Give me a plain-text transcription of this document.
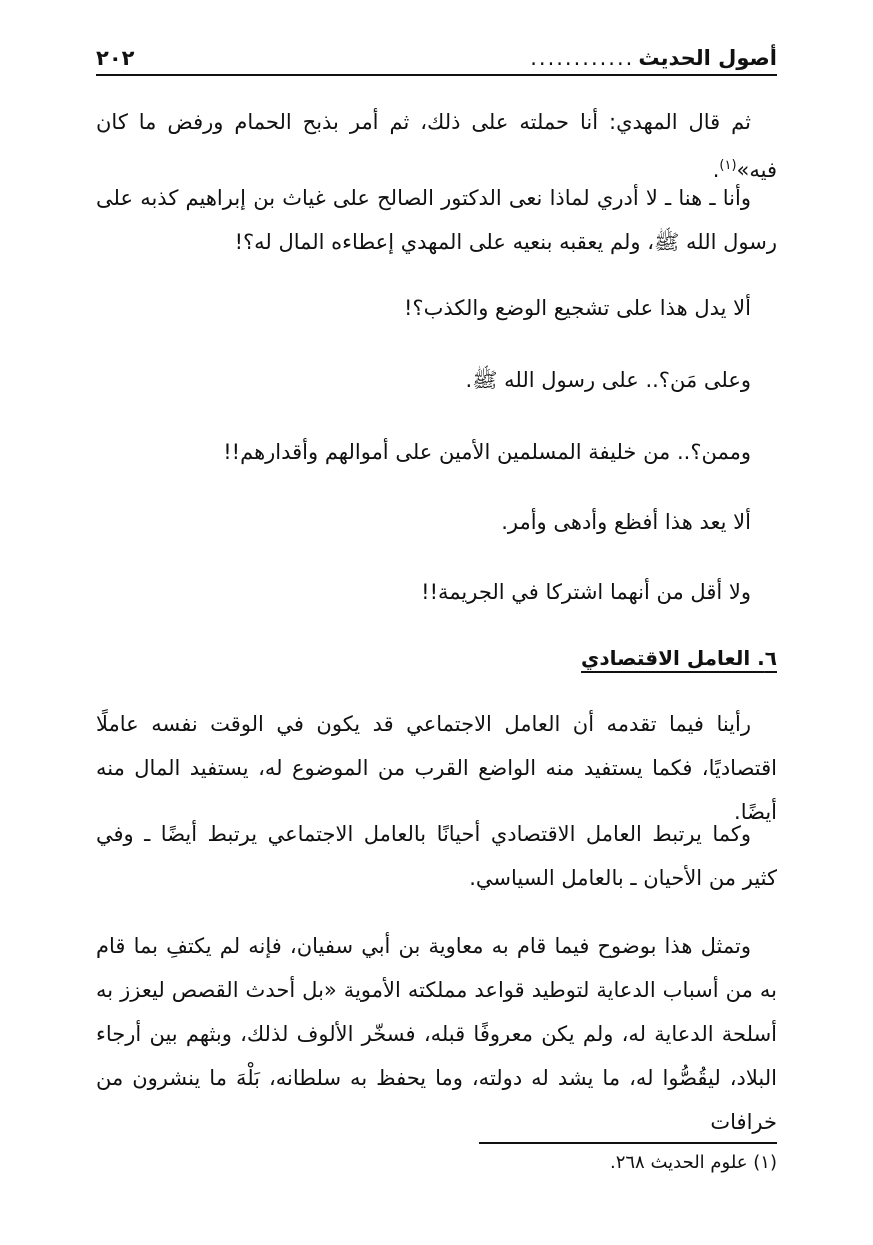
أصول الحديث
............
٢٠٢
ثم قال المهدي: أنا حملته على ذلك، ثم أمر بذبح الحمام ورفض ما كان فيه»$^{(١)}$.
وأنا ـ هنا ـ لا أدري لماذا نعى الدكتور الصالح على غياث بن إبراهيم كذبه على رسول الله ﷺ، ولم يعقبه بنعيه على المهدي إعطاءه المال له؟!
ألا يدل هذا على تشجيع الوضع والكذب؟!
وعلى مَن؟.. على رسول الله ﷺ.
وممن؟.. من خليفة المسلمين الأمين على أموالهم وأقدارهم!!
ألا يعد هذا أفظع وأدهى وأمر.
ولا أقل من أنهما اشتركا في الجريمة!!
٦. العامل الاقتصادي
رأينا فيما تقدمه أن العامل الاجتماعي قد يكون في الوقت نفسه عاملًا اقتصاديًا، فكما يستفيد منه الواضع القرب من الموضوع له، يستفيد المال منه أيضًا.
وكما يرتبط العامل الاقتصادي أحيانًا بالعامل الاجتماعي يرتبط أيضًا ـ وفي كثير من الأحيان ـ بالعامل السياسي.
وتمثل هذا بوضوح فيما قام به معاوية بن أبي سفيان، فإنه لم يكتفِ بما قام به من أسباب الدعاية لتوطيد قواعد مملكته الأموية «بل أحدث القصص ليعزز به أسلحة الدعاية له، ولم يكن معروفًا قبله، فسخّر الألوف لذلك، وبثهم بين أرجاء البلاد، ليقُصُّوا له، ما يشد له دولته، وما يحفظ به سلطانه، بَلْهَ ما ينشرون من خرافات
(١) علوم الحديث ٢٦٨.
